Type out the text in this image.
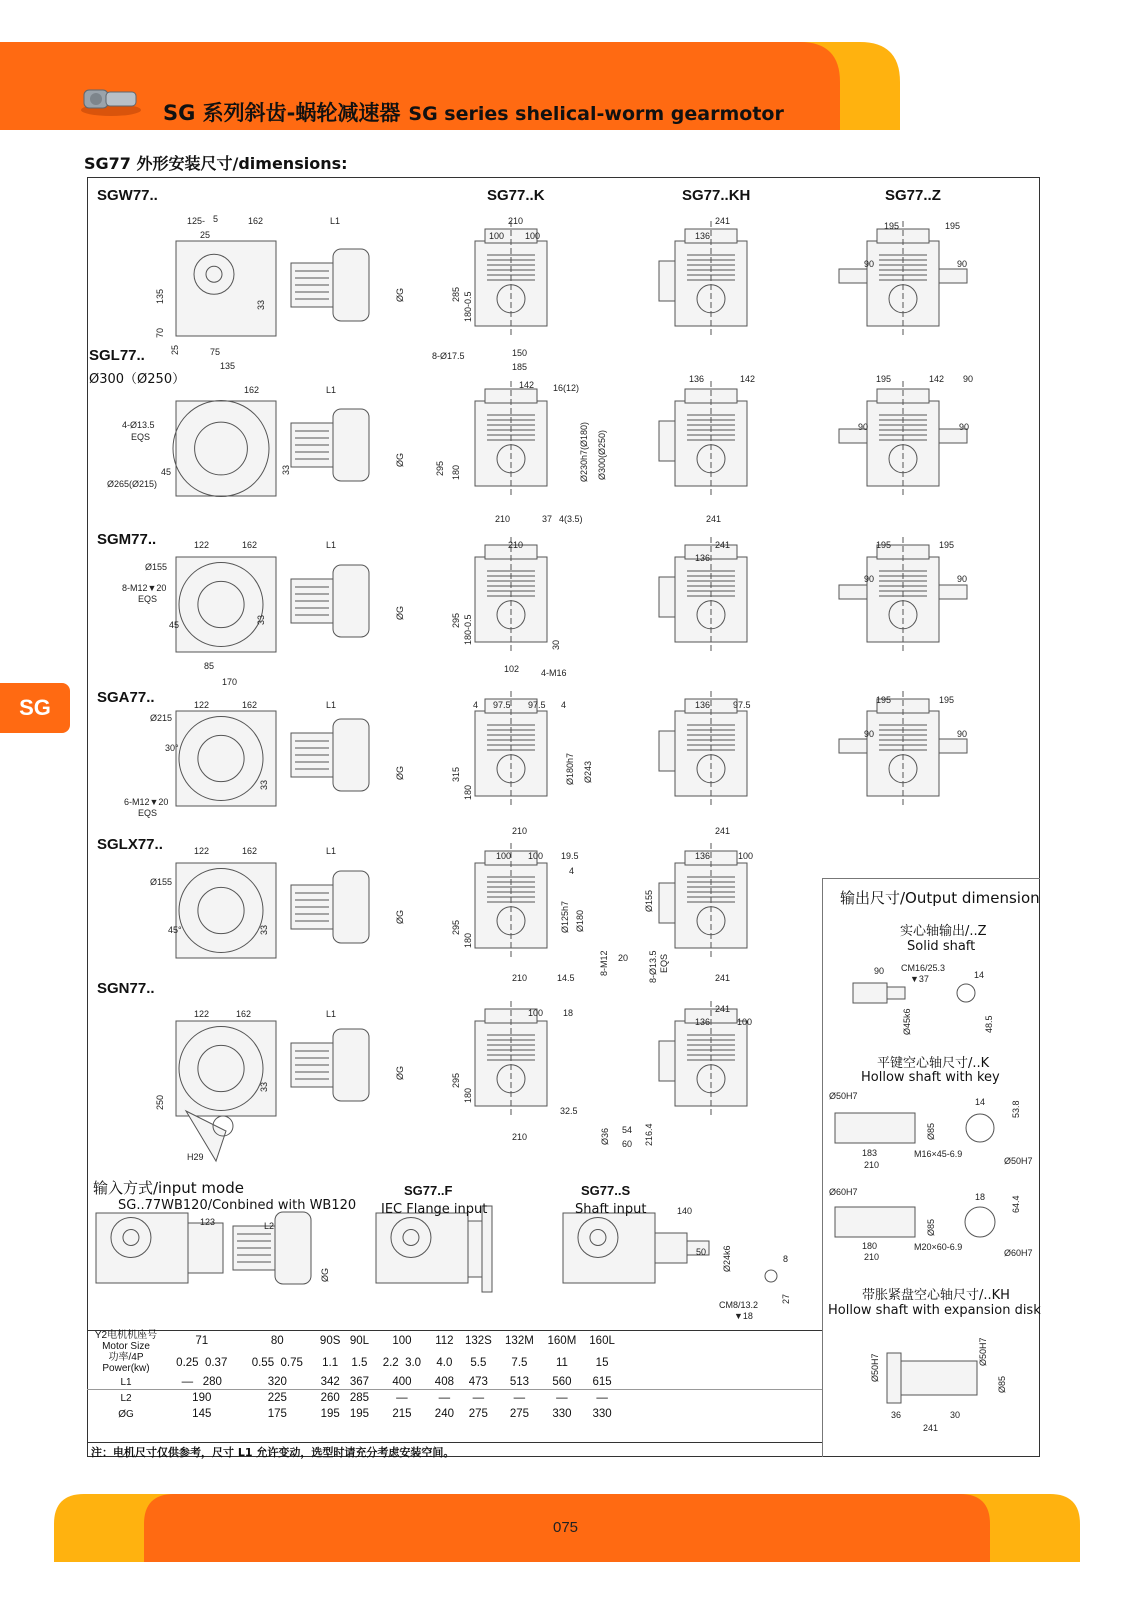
SG 系列斜齿-蜗轮减速器 SG series shelical-worm gearmotor
SG77 外形安装尺寸/dimensions:
SG
SGW77..
SGL77..
Ø300（Ø250）
SGM77..
SGA77..
SGLX77..
SGN77..
SG77..K	SG77..KH	SG77..Z
125- 5	162	L1
25
135
70
25
33
ØG
75
135
210
100 100
285 180-0.5
8-Ø17.5	150
185
241
136
195	195
90	90
162	L1
4-Ø13.5
EQS
45
Ø265(Ø215)
33
ØG
142 16(12)
295 180	Ø230h7(Ø180) Ø300(Ø250)
210	37 4(3.5)
136	142
241
195	142 90
90	90
122	162	L1
Ø155
8-M12▼20
EQS
45
85
170
33	ØG
210
295 180-0.5	30
102 4-M16
241
136
195	195
90	90
122	162	L1
Ø215
30°
6-M12▼20
EQS
33
ØG
4 97.5 97.5 4
315
180
Ø180h7 Ø243
210
136	97.5
241
195	195
90	90
122	162	L1
Ø155
45°	33
ØG
100 100 19.5
4
295
180
Ø125h7 Ø180
210	14.5
8-M12 20
Ø155
8-Ø13.5 EQS
136	100
241
122	162	L1
250
H29
33
ØG
100 18
295
180
210
32.5
Ø36 54
60 216.4
241
136	100
输出尺寸/Output dimension
实心轴输出/..Z
Solid shaft
90 CM16/25.3
▼37	14
Ø45k6	48.5
平键空心轴尺寸/..K
Hollow shaft with key
Ø50H7
14	53.8
183
210
Ø85
M16×45-6.9
Ø50H7
Ø60H7	18	64.4
180
210
Ø85
M20×60-6.9
Ø60H7
带胀紧盘空心轴尺寸/..KH
Hollow shaft with expansion disk
Ø50H7
Ø50H7
Ø85
36	30
241
输入方式/input mode
SG..77WB120/Conbined with WB120
123	L2
ØG
SG77..F
IEC Flange input
SG77..S
Shaft input	140
50 Ø24k6	8
27
CM8/13.2
▼18
Y2电机机座号
Motor Size	71	80	90S	90L	100	112	132S	132M	160M	160L	

功率/4P
Power(kw)	0.25 0.37	0.55 0.75	1.1	1.5	2.2 3.0	4.0	5.5	7.5	11	15	
L1	— 280	320	342	367	400	408	473	513	560	615	
L2	190	225	260	285	—	—	—	—	—	—	
ØG	145	175	195	195	215	240	275	275	330	330	
注：电机尺寸仅供参考，尺寸 L1 允许变动，选型时请充分考虑安装空间。
075
